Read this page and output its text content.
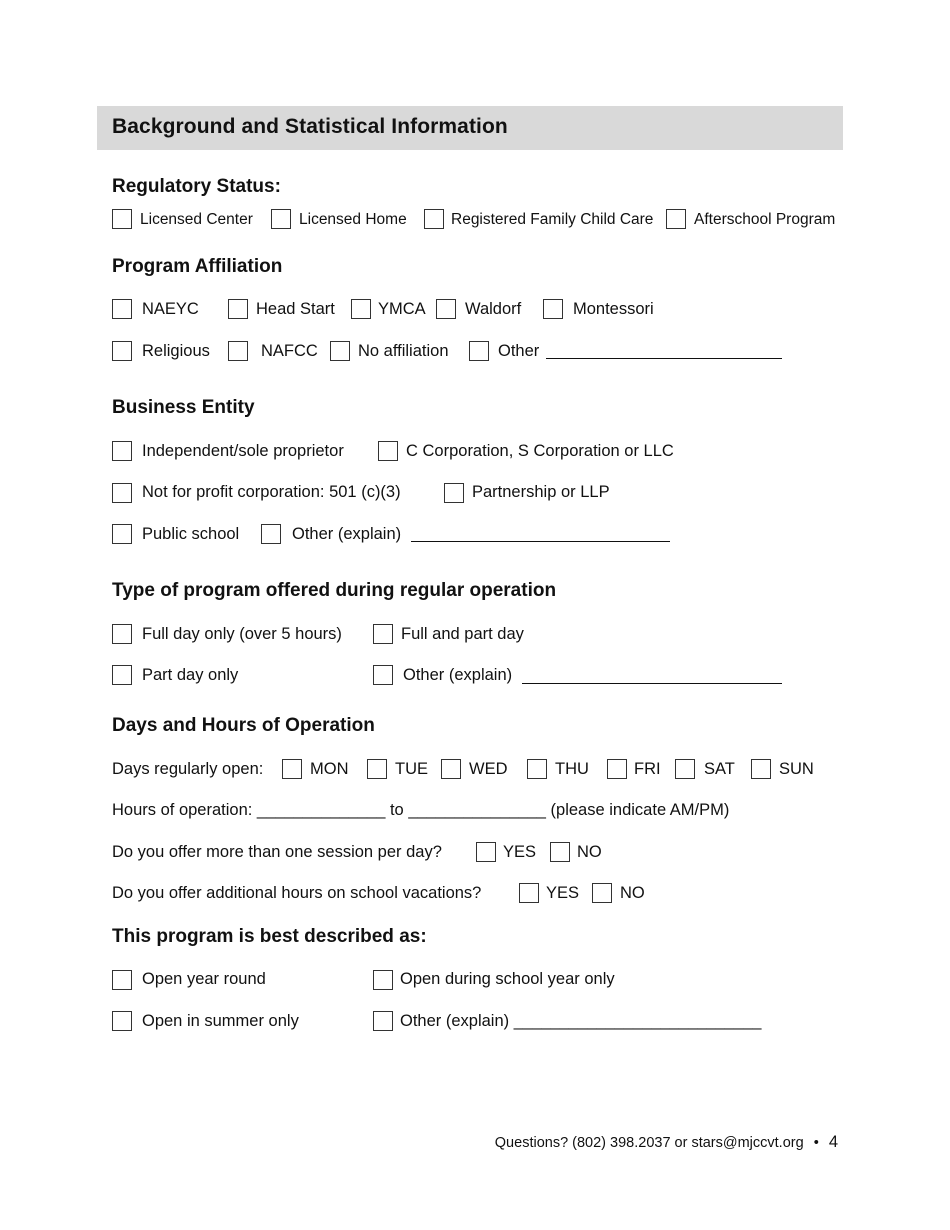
Background and Statistical Information
Regulatory Status:
Licensed Center	Licensed Home	Registered Family Child Care	Afterschool Program
Program Affiliation
NAEYC	Head Start	YMCA Waldorf	Montessori
Religious	NAFCC No affiliation	Other
Business Entity
Independent/sole proprietor	C Corporation, S Corporation or LLC
Not for profit corporation: 501 (c)(3)	Partnership or LLP
Public school	Other (explain)
Type of program offered during regular operation
Full day only (over 5 hours)	Full and part day
Part day only	Other (explain)
Days and Hours of Operation
Days regularly open:	MON	TUE WED	THU	FRI	SAT	SUN
Hours of operation: ______________ to _______________ (please indicate AM/PM)
Do you offer more than one session per day?	YES NO
Do you offer additional hours on school vacations?	YES NO
This program is best described as:
Open year round	Open during school year only
Open in summer only	Other (explain) ___________________________
Questions? (802) 398.2037 or stars@mjccvt.org • 4
